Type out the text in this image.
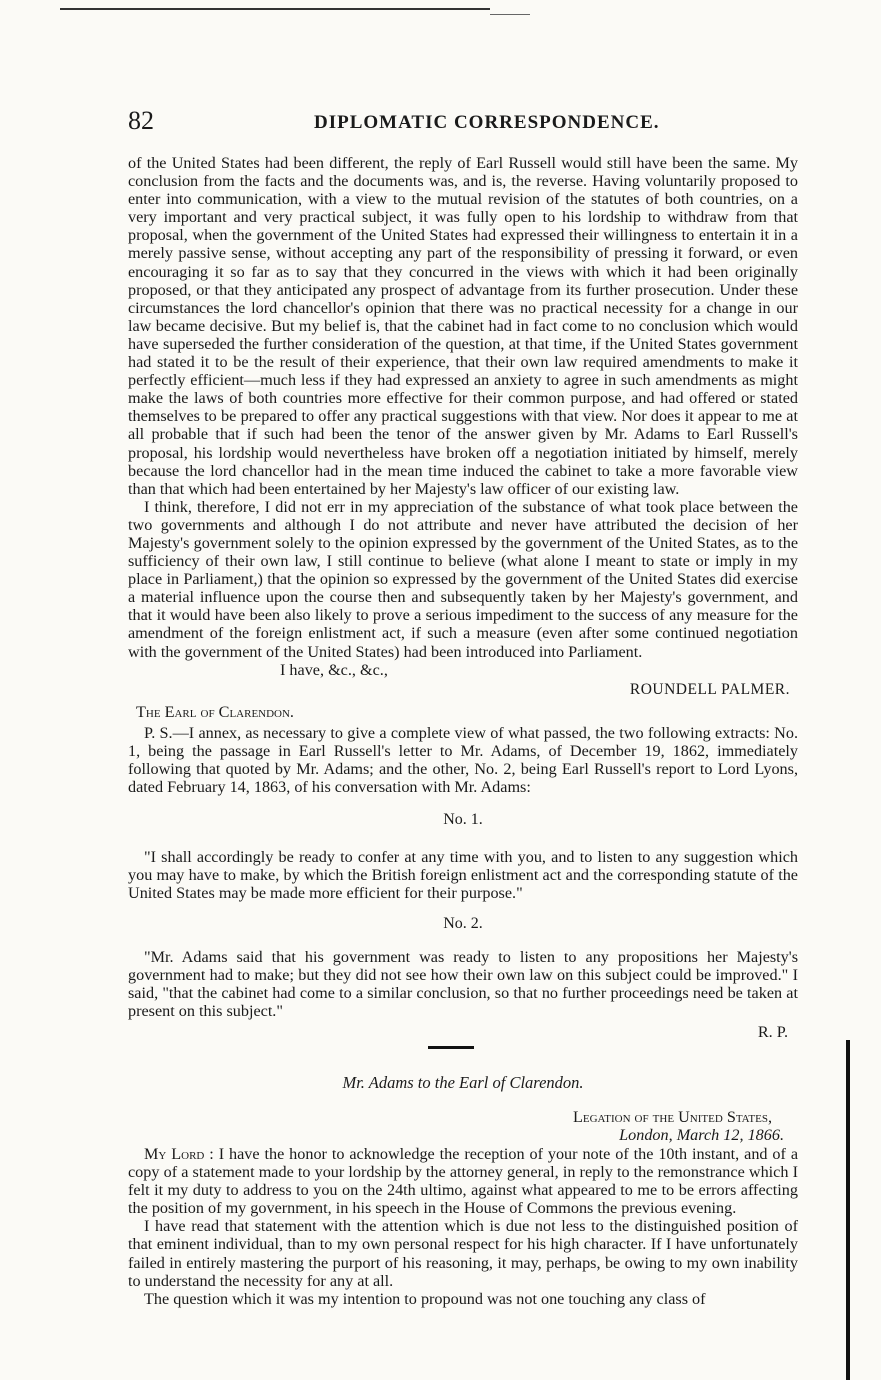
82	DIPLOMATIC CORRESPONDENCE.

of the United States had been different, the reply of Earl Russell would still have been the same. My conclusion from the facts and the documents was, and is, the reverse. Having voluntarily proposed to enter into communication, with a view to the mutual revision of the statutes of both countries, on a very important and very practical subject, it was fully open to his lordship to withdraw from that proposal, when the government of the United States had expressed their willingness to entertain it in a merely passive sense, without accepting any part of the responsibility of pressing it forward, or even encouraging it so far as to say that they concurred in the views with which it had been originally proposed, or that they anticipated any prospect of advantage from its further prosecution. Under these circumstances the lord chancellor's opinion that there was no practical necessity for a change in our law became decisive. But my belief is, that the cabinet had in fact come to no conclusion which would have superseded the further consideration of the question, at that time, if the United States government had stated it to be the result of their experience, that their own law required amendments to make it perfectly efficient—much less if they had expressed an anxiety to agree in such amendments as might make the laws of both countries more effective for their common purpose, and had offered or stated themselves to be prepared to offer any practical suggestions with that view. Nor does it appear to me at all probable that if such had been the tenor of the answer given by Mr. Adams to Earl Russell's proposal, his lordship would nevertheless have broken off a negotiation initiated by himself, merely because the lord chancellor had in the mean time induced the cabinet to take a more favorable view than that which had been entertained by her Majesty's law officer of our existing law.

I think, therefore, I did not err in my appreciation of the substance of what took place between the two governments and although I do not attribute and never have attributed the decision of her Majesty's government solely to the opinion expressed by the government of the United States, as to the sufficiency of their own law, I still continue to believe (what alone I meant to state or imply in my place in Parliament,) that the opinion so expressed by the government of the United States did exercise a material influence upon the course then and subsequently taken by her Majesty's government, and that it would have been also likely to prove a serious impediment to the success of any measure for the amendment of the foreign enlistment act, if such a measure (even after some continued negotiation with the government of the United States) had been introduced into Parliament.

I have, &c., &c.,

ROUNDELL PALMER.

The Earl of Clarendon.

P. S.—I annex, as necessary to give a complete view of what passed, the two following extracts: No. 1, being the passage in Earl Russell's letter to Mr. Adams, of December 19, 1862, immediately following that quoted by Mr. Adams; and the other, No. 2, being Earl Russell's report to Lord Lyons, dated February 14, 1863, of his conversation with Mr. Adams:

No. 1.

"I shall accordingly be ready to confer at any time with you, and to listen to any suggestion which you may have to make, by which the British foreign enlistment act and the corresponding statute of the United States may be made more efficient for their purpose."

No. 2.

"Mr. Adams said that his government was ready to listen to any propositions her Majesty's government had to make; but they did not see how their own law on this subject could be improved." I said, "that the cabinet had come to a similar conclusion, so that no further proceedings need be taken at present on this subject."

R. P.

Mr. Adams to the Earl of Clarendon.

Legation of the United States,

London, March 12, 1866.

My Lord : I have the honor to acknowledge the reception of your note of the 10th instant, and of a copy of a statement made to your lordship by the attorney general, in reply to the remonstrance which I felt it my duty to address to you on the 24th ultimo, against what appeared to me to be errors affecting the position of my government, in his speech in the House of Commons the previous evening.

I have read that statement with the attention which is due not less to the distinguished position of that eminent individual, than to my own personal respect for his high character. If I have unfortunately failed in entirely mastering the purport of his reasoning, it may, perhaps, be owing to my own inability to understand the necessity for any at all.

The question which it was my intention to propound was not one touching any class of
